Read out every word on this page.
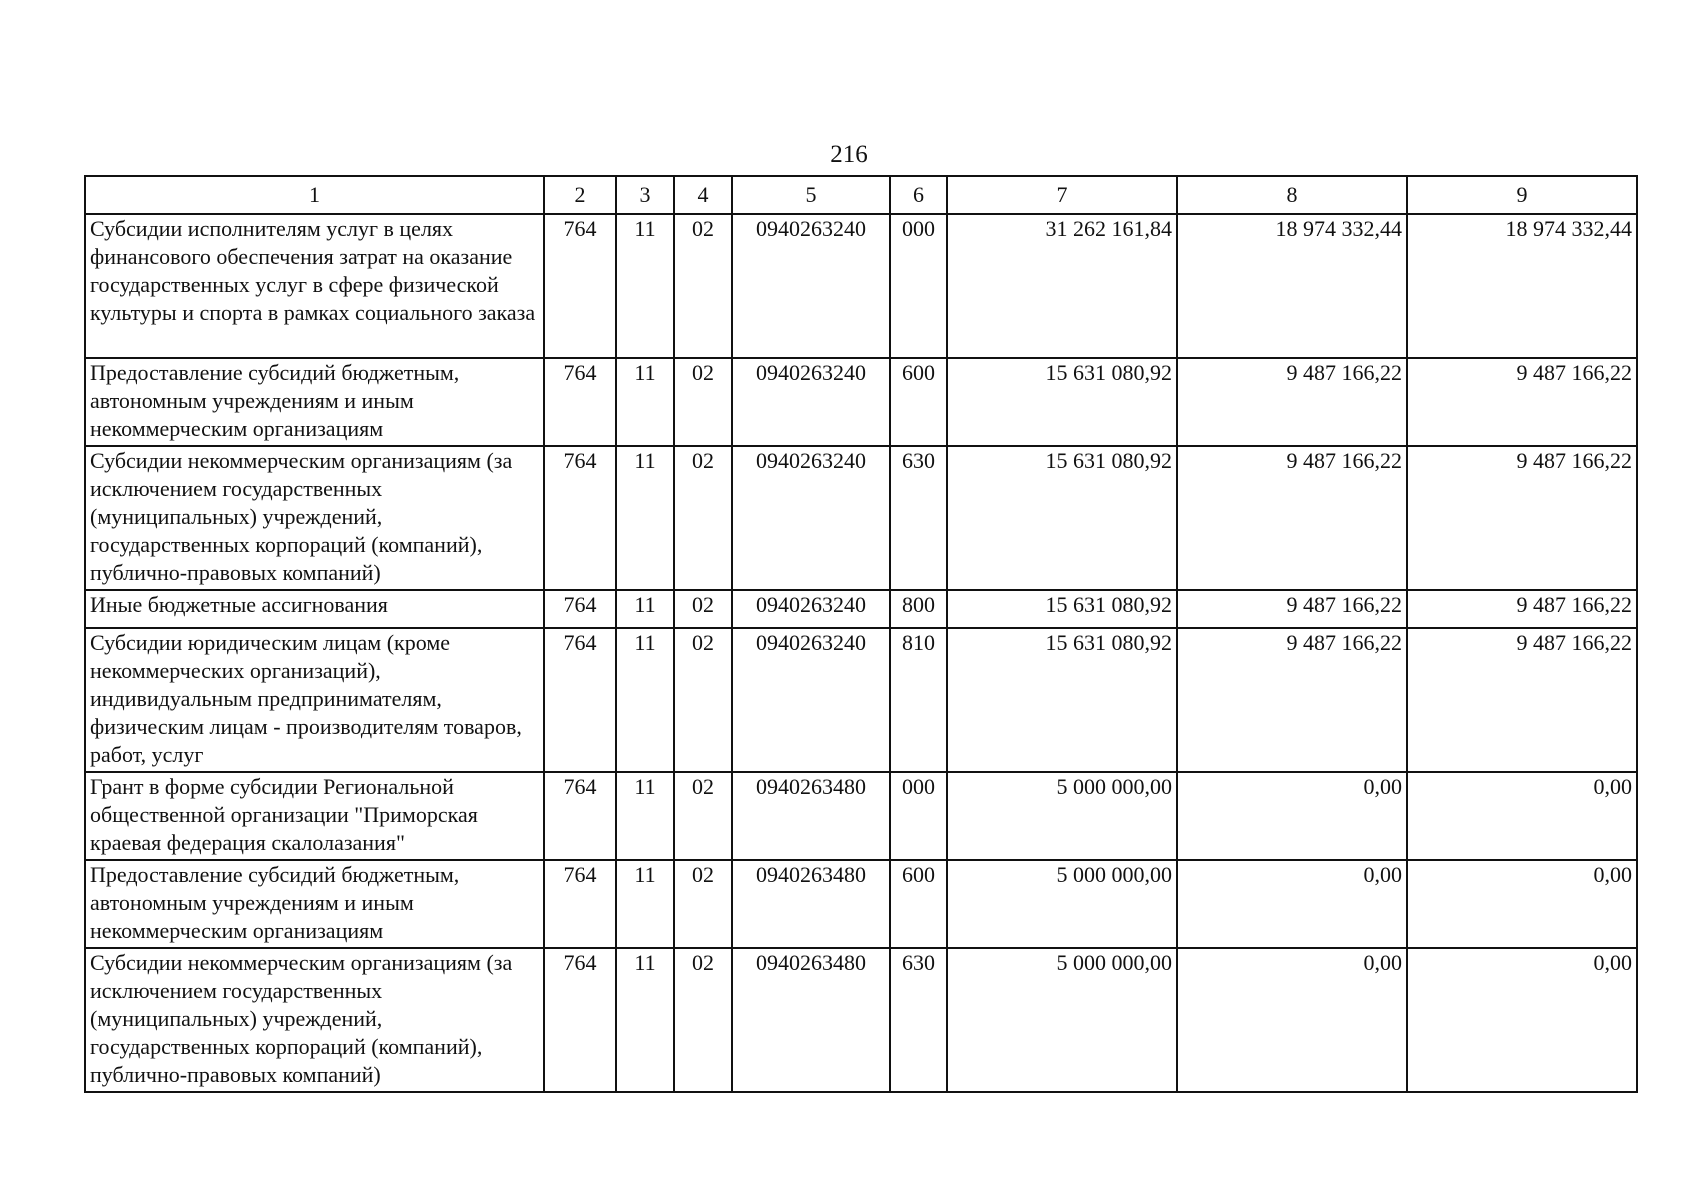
216
1	2	3	4	5	6	7	8	9
Субсидии исполнителям услуг в целях финансового обеспечения затрат на оказание государственных услуг в сфере физической культуры и спорта в рамках социального заказа	764	11	02	0940263240	000	31 262 161,84	18 974 332,44	18 974 332,44
Предоставление субсидий бюджетным, автономным учреждениям и иным некоммерческим организациям	764	11	02	0940263240	600	15 631 080,92	9 487 166,22	9 487 166,22
Субсидии некоммерческим организациям (за исключением государственных (муниципальных) учреждений, государственных корпораций (компаний), публично-правовых компаний)	764	11	02	0940263240	630	15 631 080,92	9 487 166,22	9 487 166,22
Иные бюджетные ассигнования	764	11	02	0940263240	800	15 631 080,92	9 487 166,22	9 487 166,22
Субсидии юридическим лицам (кроме некоммерческих организаций), индивидуальным предпринимателям, физическим лицам - производителям товаров, работ, услуг	764	11	02	0940263240	810	15 631 080,92	9 487 166,22	9 487 166,22
Грант в форме субсидии Региональной общественной организации "Приморская краевая федерация скалолазания"	764	11	02	0940263480	000	5 000 000,00	0,00	0,00
Предоставление субсидий бюджетным, автономным учреждениям и иным некоммерческим организациям	764	11	02	0940263480	600	5 000 000,00	0,00	0,00
Субсидии некоммерческим организациям (за исключением государственных (муниципальных) учреждений, государственных корпораций (компаний), публично-правовых компаний)	764	11	02	0940263480	630	5 000 000,00	0,00	0,00
